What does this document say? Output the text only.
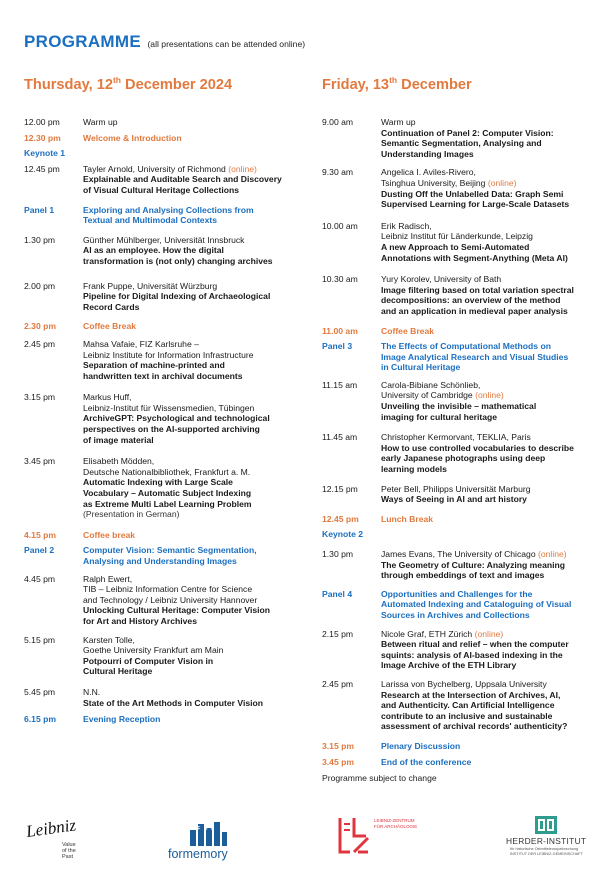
PROGRAMME (all presentations can be attended online)
Thursday, 12th December 2024	Friday, 13th December
12.00 pm	Warm up
12.30 pm	Welcome & Introduction
Keynote 1
12.45 pm	Tayler Arnold, University of Richmond (online)
Explainable and Auditable Search and Discovery
of Visual Cultural Heritage Collections
Panel 1	Exploring and Analysing Collections from
Textual and Multimodal Contexts
1.30 pm	Günther Mühlberger, Universität Innsbruck
AI as an employee. How the digital
transformation is (not only) changing archives
2.00 pm	Frank Puppe, Universität Würzburg
Pipeline for Digital Indexing of Archaeological
Record Cards
2.30 pm	Coffee Break
2.45 pm	Mahsa Vafaie, FIZ Karlsruhe –
Leibniz Institute for Information Infrastructure
Separation of machine-printed and
handwritten text in archival documents
3.15 pm	Markus Huff,
Leibniz-Institut für Wissensmedien, Tübingen
ArchiveGPT: Psychological and technological
perspectives on the AI-supported archiving
of image material
3.45 pm	Elisabeth Mödden,
Deutsche Nationalbibliothek, Frankfurt a. M.
Automatic Indexing with Large Scale
Vocabulary – Automatic Subject Indexing
as Extreme Multi Label Learning Problem
(Presentation in German)
4.15 pm	Coffee break
Panel 2	Computer Vision: Semantic Segmentation,
Analysing and Understanding Images
4.45 pm	Ralph Ewert,
TIB – Leibniz Information Centre for Science
and Technology / Leibniz University Hannover
Unlocking Cultural Heritage: Computer Vision
for Art and History Archives
5.15 pm	Karsten Tolle,
Goethe University Frankfurt am Main
Potpourri of Computer Vision in
Cultural Heritage
5.45 pm	N.N.
State of the Art Methods in Computer Vision
6.15 pm	Evening Reception
9.00 am	Warm up
Continuation of Panel 2: Computer Vision:
Semantic Segmentation, Analysing and
Understanding Images
9.30 am	Angelica I. Aviles-Rivero,
Tsinghua University, Beijing (online)
Dusting Off the Unlabelled Data: Graph Semi
Supervised Learning for Large-Scale Datasets
10.00 am	Erik Radisch,
Leibniz Institut für Länderkunde, Leipzig
A new Approach to Semi-Automated
Annotations with Segment-Anything (Meta AI)
10.30 am	Yury Korolev, University of Bath
Image filtering based on total variation spectral
decompositions: an overview of the method
and an application in medieval paper analysis
11.00 am	Coffee Break
Panel 3	The Effects of Computational Methods on
Image Analytical Research and Visual Studies
in Cultural Heritage
11.15 am	Carola-Bibiane Schönlieb,
University of Cambridge (online)
Unveiling the invisible – mathematical
imaging for cultural heritage
11.45 am	Christopher Kermorvant, TEKLIA, Paris
How to use controlled vocabularies to describe
early Japanese photographs using deep
learning models
12.15 pm	Peter Bell, Philipps Universität Marburg
Ways of Seeing in AI and art history
12.45 pm	Lunch Break
Keynote 2
1.30 pm	James Evans, The University of Chicago (online)
The Geometry of Culture: Analyzing meaning
through embeddings of text and images
Panel 4	Opportunities and Challenges for the
Automated Indexing and Cataloguing of Visual
Sources in Archives and Collections
2.15 pm	Nicole Graf, ETH Zürich (online)
Between ritual and relief – when the computer
squints: analysis of AI-based indexing in the
Image Archive of the ETH Library
2.45 pm	Larissa von Bychelberg, Uppsala University
Research at the Intersection of Archives, AI,
and Authenticity. Can Artificial Intelligence
contribute to an inclusive and sustainable
assessment of archival records' authenticity?
3.15 pm	Plenary Discussion
3.45 pm	End of the conference
Programme subject to change
Leibniz
Value
of the Past
NFDI
formemory
LEIBNIZ-ZENTRUM
FÜR ARCHÄOLOGIE
HERDER-INSTITUT
für historische Ostmitteleuropaforschung
INSTITUT DER LEIBNIZ-GEMEINSCHAFT
